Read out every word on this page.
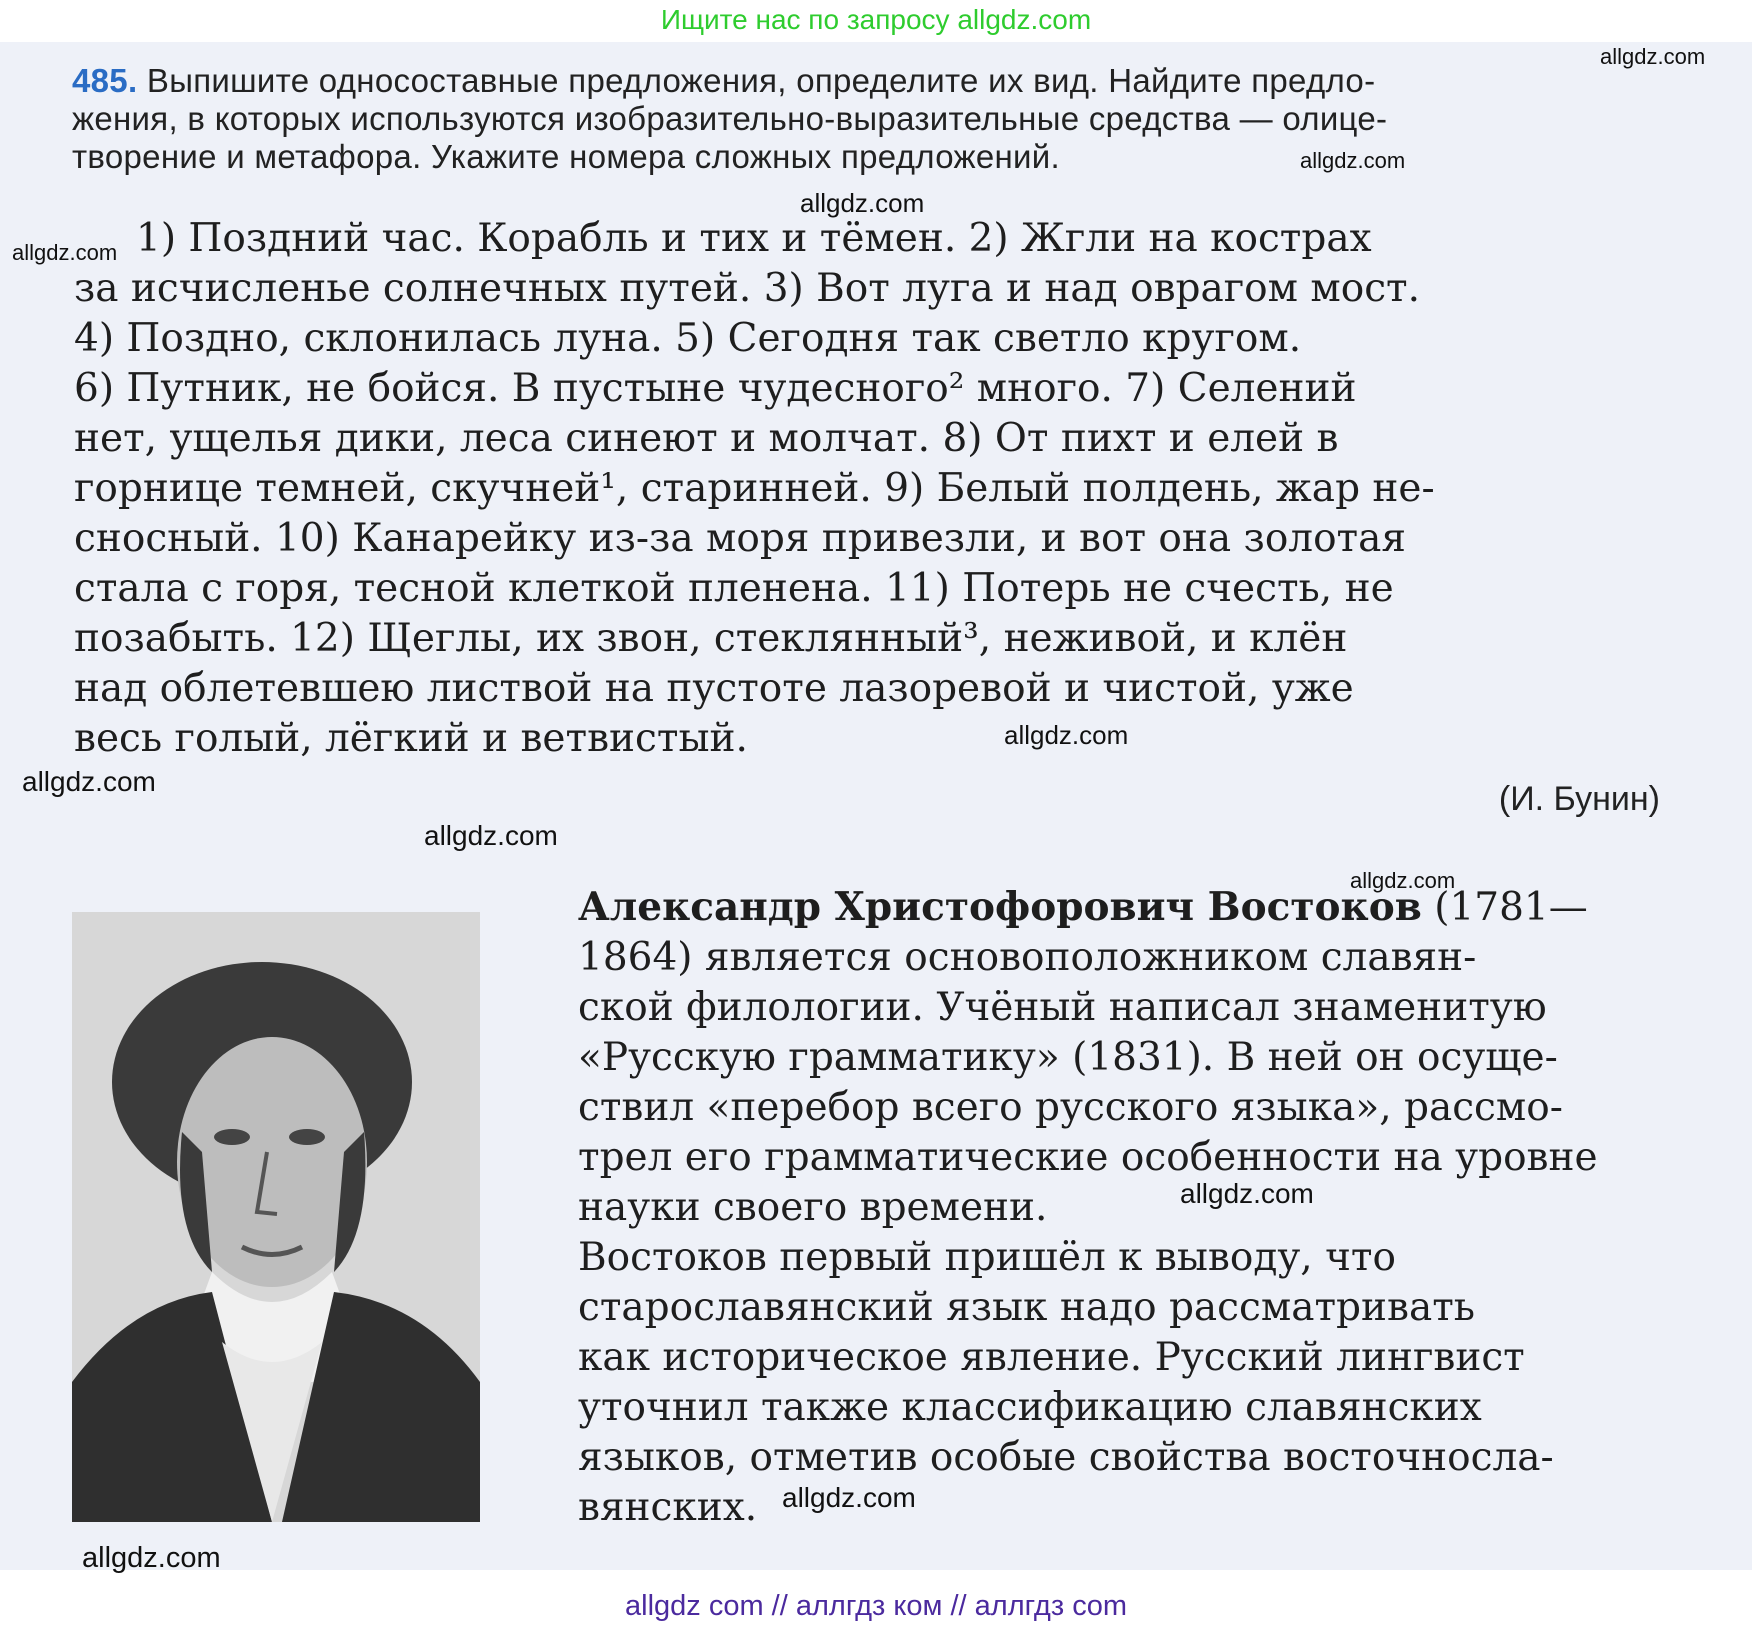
Ищите нас по запросу allgdz.com
485. Выпишите односоставные предложения, определите их вид. Найдите предло-
жения, в которых используются изобразительно-выразительные средства — олице-
творение и метафора. Укажите номера сложных предложений.
1) Поздний час. Корабль и тих и тёмен. 2) Жгли на кострах
за исчисленье солнечных путей. 3) Вот луга и над оврагом мост.
4) Поздно, склонилась луна. 5) Сегодня так светло кругом.
6) Путник, не бойся. В пустыне чудесного² много. 7) Селений
нет, ущелья дики, леса синеют и молчат. 8) От пихт и елей в
горнице темней, скучней¹, старинней. 9) Белый полдень, жар не-
сносный. 10) Канарейку из-за моря привезли, и вот она золотая
стала с горя, тесной клеткой пленена. 11) Потерь не счесть, не
позабыть. 12) Щеглы, их звон, стеклянный³, неживой, и клён
над облетевшею листвой на пустоте лазоревой и чистой, уже
весь голый, лёгкий и ветвистый.
(И. Бунин)

Александр Христофорович Востоков (1781—
1864) является основоположником славян-
ской филологии. Учёный написал знаменитую
«Русскую грамматику» (1831). В ней он осуще-
ствил «перебор всего русского языка», рассмо-
трел его грамматические особенности на уровне
науки своего времени.

Востоков первый пришёл к выводу, что
старославянский язык надо рассматривать
как историческое явление. Русский лингвист
уточнил также классификацию славянских
языков, отметив особые свойства восточносла-
вянских.

allgdz.com
allgdz.com
allgdz.com
allgdz.com
allgdz.com
allgdz.com
allgdz.com
allgdz.com
allgdz.com
allgdz.com
allgdz.com
allgdz com // аллгдз ком // аллгдз com
